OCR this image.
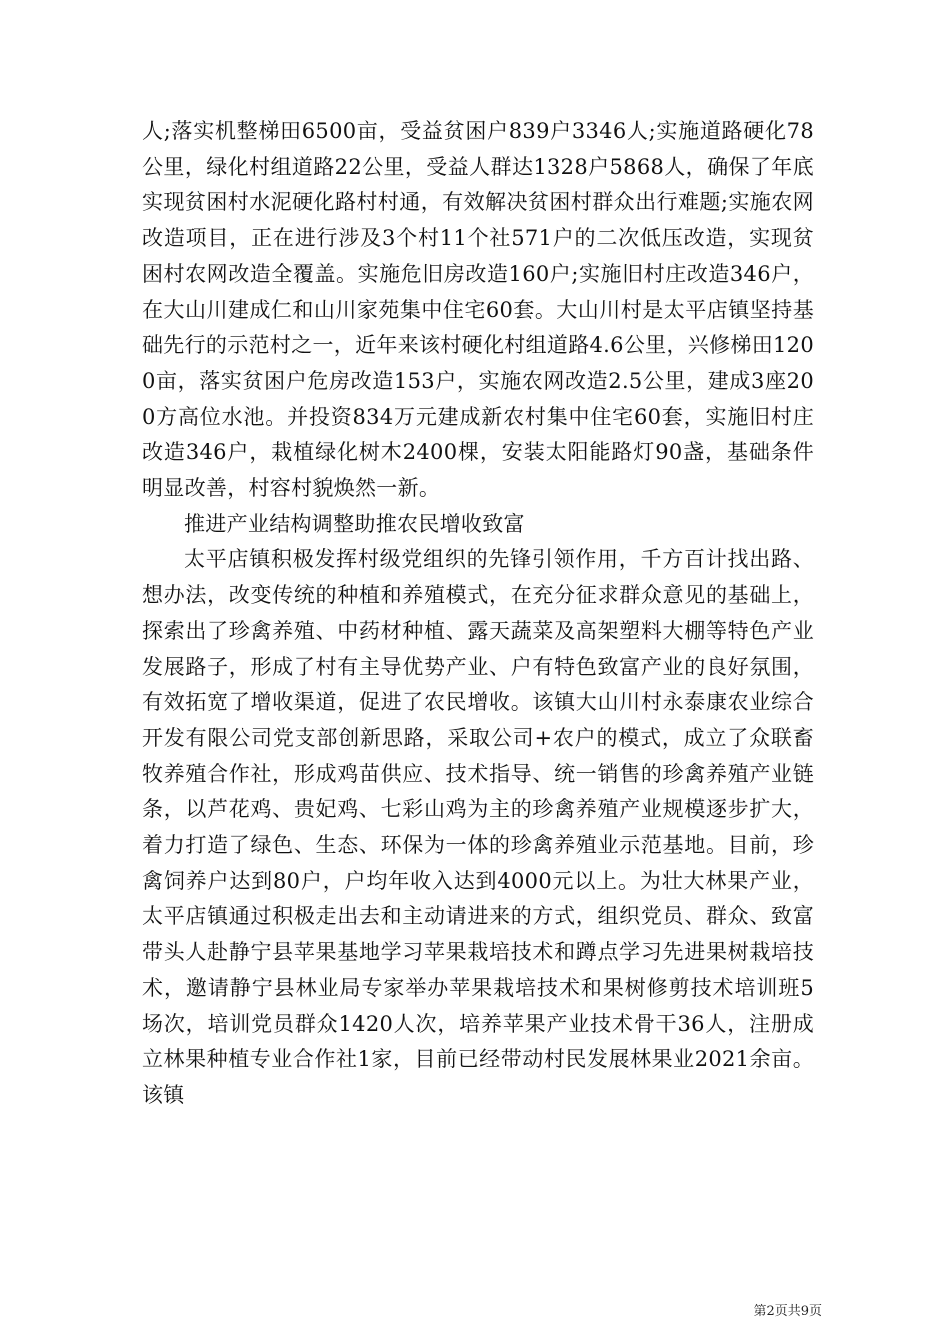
人;落实机整梯田6500亩，受益贫困户839户3346人;实施道路硬化78公里，绿化村组道路22公里，受益人群达1328户5868人，确保了年底实现贫困村水泥硬化路村村通，有效解决贫困村群众出行难题;实施农网改造项目，正在进行涉及3个村11个社571户的二次低压改造，实现贫困村农网改造全覆盖。实施危旧房改造160户;实施旧村庄改造346户，在大山川建成仁和山川家苑集中住宅60套。大山川村是太平店镇坚持基础先行的示范村之一，近年来该村硬化村组道路4.6公里，兴修梯田1200亩，落实贫困户危房改造153户，实施农网改造2.5公里，建成3座200方高位水池。并投资834万元建成新农村集中住宅60套，实施旧村庄改造346户，栽植绿化树木2400棵，安装太阳能路灯90盏，基础条件明显改善，村容村貌焕然一新。

推进产业结构调整助推农民增收致富

太平店镇积极发挥村级党组织的先锋引领作用，千方百计找出路、想办法，改变传统的种植和养殖模式，在充分征求群众意见的基础上，探索出了珍禽养殖、中药材种植、露天蔬菜及高架塑料大棚等特色产业发展路子，形成了村有主导优势产业、户有特色致富产业的良好氛围，有效拓宽了增收渠道，促进了农民增收。该镇大山川村永泰康农业综合开发有限公司党支部创新思路，采取公司+农户的模式，成立了众联畜牧养殖合作社，形成鸡苗供应、技术指导、统一销售的珍禽养殖产业链条，以芦花鸡、贵妃鸡、七彩山鸡为主的珍禽养殖产业规模逐步扩大，着力打造了绿色、生态、环保为一体的珍禽养殖业示范基地。目前，珍禽饲养户达到80户，户均年收入达到4000元以上。为壮大林果产业，太平店镇通过积极走出去和主动请进来的方式，组织党员、群众、致富带头人赴静宁县苹果基地学习苹果栽培技术和蹲点学习先进果树栽培技术，邀请静宁县林业局专家举办苹果栽培技术和果树修剪技术培训班5场次，培训党员群众1420人次，培养苹果产业技术骨干36人，注册成立林果种植专业合作社1家，目前已经带动村民发展林果业2021余亩。该镇

第2页共9页
